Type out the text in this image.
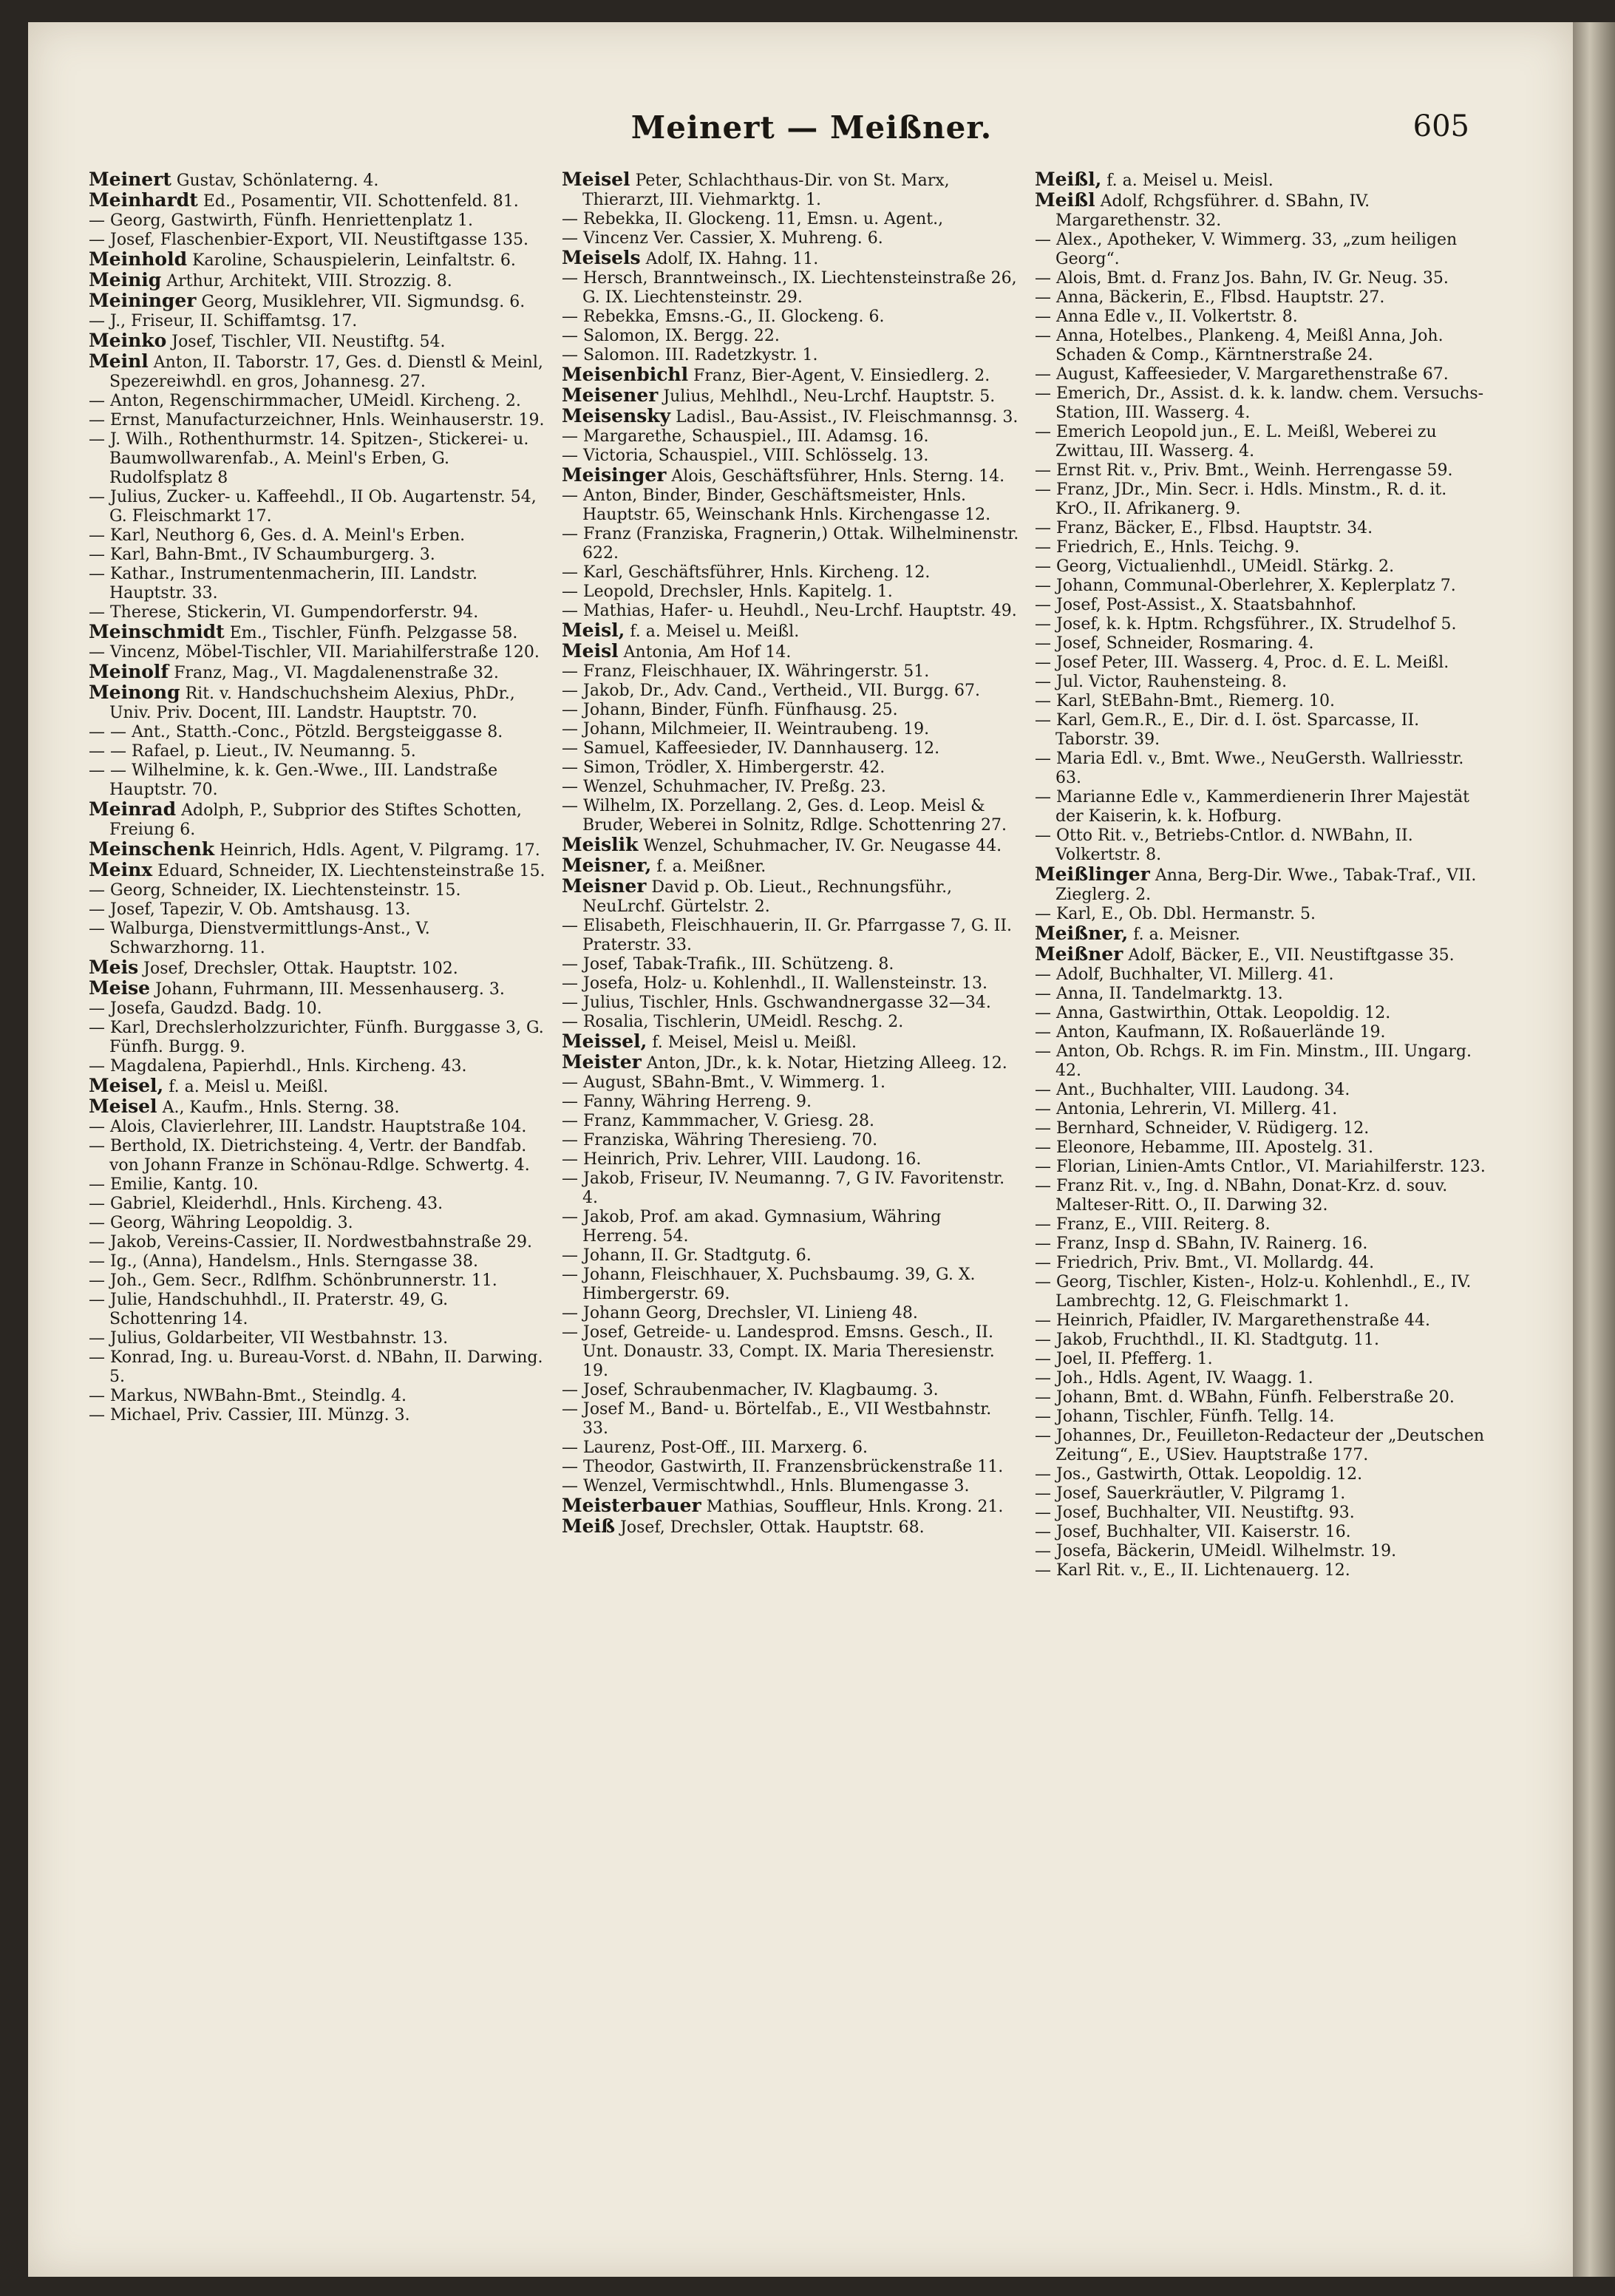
Meinert — Meißner.	605

Meinert Gustav, Schönlaterng. 4.

Meinhardt Ed., Posamentir, VII. Schottenfeld. 81.

— Georg, Gastwirth, Fünfh. Henriettenplatz 1.

— Josef, Flaschenbier-Export, VII. Neustiftgasse 135.

Meinhold Karoline, Schauspielerin, Leinfaltstr. 6.

Meinig Arthur, Architekt, VIII. Strozzig. 8.

Meininger Georg, Musiklehrer, VII. Sigmundsg. 6.

— J., Friseur, II. Schiffamtsg. 17.

Meinko Josef, Tischler, VII. Neustiftg. 54.

Meinl Anton, II. Taborstr. 17, Ges. d. Dienstl & Meinl, Spezereiwhdl. en gros, Johannesg. 27.

— Anton, Regenschirmmacher, UMeidl. Kircheng. 2.

— Ernst, Manufacturzeichner, Hnls. Weinhauserstr. 19.

— J. Wilh., Rothenthurmstr. 14. Spitzen-, Stickerei- u. Baumwollwarenfab., A. Meinl's Erben, G. Rudolfsplatz 8

— Julius, Zucker- u. Kaffeehdl., II Ob. Augartenstr. 54, G. Fleischmarkt 17.

— Karl, Neuthorg 6, Ges. d. A. Meinl's Erben.

— Karl, Bahn-Bmt., IV Schaumburgerg. 3.

— Kathar., Instrumentenmacherin, III. Landstr. Hauptstr. 33.

— Therese, Stickerin, VI. Gumpendorferstr. 94.

Meinschmidt Em., Tischler, Fünfh. Pelzgasse 58.

— Vincenz, Möbel-Tischler, VII. Mariahilferstraße 120.

Meinolf Franz, Mag., VI. Magdalenenstraße 32.

Meinong Rit. v. Handschuchsheim Alexius, PhDr., Univ. Priv. Docent, III. Landstr. Hauptstr. 70.

— — Ant., Statth.-Conc., Pötzld. Bergsteiggasse 8.

— — Rafael, p. Lieut., IV. Neumanng. 5.

— — Wilhelmine, k. k. Gen.-Wwe., III. Landstraße Hauptstr. 70.

Meinrad Adolph, P., Subprior des Stiftes Schotten, Freiung 6.

Meinschenk Heinrich, Hdls. Agent, V. Pilgramg. 17.

Meinx Eduard, Schneider, IX. Liechtensteinstraße 15.

— Georg, Schneider, IX. Liechtensteinstr. 15.

— Josef, Tapezir, V. Ob. Amtshausg. 13.

— Walburga, Dienstvermittlungs-Anst., V. Schwarzhorng. 11.

Meis Josef, Drechsler, Ottak. Hauptstr. 102.

Meise Johann, Fuhrmann, III. Messenhauserg. 3.

— Josefa, Gaudzd. Badg. 10.

— Karl, Drechslerholzzurichter, Fünfh. Burggasse 3, G. Fünfh. Burgg. 9.

— Magdalena, Papierhdl., Hnls. Kircheng. 43.

Meisel, f. a. Meisl u. Meißl.

Meisel A., Kaufm., Hnls. Sterng. 38.

— Alois, Clavierlehrer, III. Landstr. Hauptstraße 104.

— Berthold, IX. Dietrichsteing. 4, Vertr. der Bandfab. von Johann Franze in Schönau-Rdlge. Schwertg. 4.

— Emilie, Kantg. 10.

— Gabriel, Kleiderhdl., Hnls. Kircheng. 43.

— Georg, Währing Leopoldig. 3.

— Jakob, Vereins-Cassier, II. Nordwestbahnstraße 29.

— Ig., (Anna), Handelsm., Hnls. Sterngasse 38.

— Joh., Gem. Secr., Rdlfhm. Schönbrunnerstr. 11.

— Julie, Handschuhhdl., II. Praterstr. 49, G. Schottenring 14.

— Julius, Goldarbeiter, VII Westbahnstr. 13.

— Konrad, Ing. u. Bureau-Vorst. d. NBahn, II. Darwing. 5.

— Markus, NWBahn-Bmt., Steindlg. 4.

— Michael, Priv. Cassier, III. Münzg. 3.

Meisel Peter, Schlachthaus-Dir. von St. Marx, Thierarzt, III. Viehmarktg. 1.

— Rebekka, II. Glockeng. 11, Emsn. u. Agent.,

— Vincenz Ver. Cassier, X. Muhreng. 6.

Meisels Adolf, IX. Hahng. 11.

— Hersch, Branntweinsch., IX. Liechtensteinstraße 26, G. IX. Liechtensteinstr. 29.

— Rebekka, Emsns.-G., II. Glockeng. 6.

— Salomon, IX. Bergg. 22.

— Salomon. III. Radetzkystr. 1.

Meisenbichl Franz, Bier-Agent, V. Einsiedlerg. 2.

Meisener Julius, Mehlhdl., Neu-Lrchf. Hauptstr. 5.

Meisensky Ladisl., Bau-Assist., IV. Fleischmannsg. 3.

— Margarethe, Schauspiel., III. Adamsg. 16.

— Victoria, Schauspiel., VIII. Schlösselg. 13.

Meisinger Alois, Geschäftsführer, Hnls. Sterng. 14.

— Anton, Binder, Binder, Geschäftsmeister, Hnls. Hauptstr. 65, Weinschank Hnls. Kirchengasse 12.

— Franz (Franziska, Fragnerin,) Ottak. Wilhelminenstr. 622.

— Karl, Geschäftsführer, Hnls. Kircheng. 12.

— Leopold, Drechsler, Hnls. Kapitelg. 1.

— Mathias, Hafer- u. Heuhdl., Neu-Lrchf. Hauptstr. 49.

Meisl, f. a. Meisel u. Meißl.

Meisl Antonia, Am Hof 14.

— Franz, Fleischhauer, IX. Währingerstr. 51.

— Jakob, Dr., Adv. Cand., Vertheid., VII. Burgg. 67.

— Johann, Binder, Fünfh. Fünfhausg. 25.

— Johann, Milchmeier, II. Weintraubeng. 19.

— Samuel, Kaffeesieder, IV. Dannhauserg. 12.

— Simon, Trödler, X. Himbergerstr. 42.

— Wenzel, Schuhmacher, IV. Preßg. 23.

— Wilhelm, IX. Porzellang. 2, Ges. d. Leop. Meisl & Bruder, Weberei in Solnitz, Rdlge. Schottenring 27.

Meislik Wenzel, Schuhmacher, IV. Gr. Neugasse 44.

Meisner, f. a. Meißner.

Meisner David p. Ob. Lieut., Rechnungsführ., NeuLrchf. Gürtelstr. 2.

— Elisabeth, Fleischhauerin, II. Gr. Pfarrgasse 7, G. II. Praterstr. 33.

— Josef, Tabak-Trafik., III. Schützeng. 8.

— Josefa, Holz- u. Kohlenhdl., II. Wallensteinstr. 13.

— Julius, Tischler, Hnls. Gschwandnergasse 32—34.

— Rosalia, Tischlerin, UMeidl. Reschg. 2.

Meissel, f. Meisel, Meisl u. Meißl.

Meister Anton, JDr., k. k. Notar, Hietzing Alleeg. 12.

— August, SBahn-Bmt., V. Wimmerg. 1.

— Fanny, Währing Herreng. 9.

— Franz, Kammmacher, V. Griesg. 28.

— Franziska, Währing Theresieng. 70.

— Heinrich, Priv. Lehrer, VIII. Laudong. 16.

— Jakob, Friseur, IV. Neumanng. 7, G IV. Favoritenstr. 4.

— Jakob, Prof. am akad. Gymnasium, Währing Herreng. 54.

— Johann, II. Gr. Stadtgutg. 6.

— Johann, Fleischhauer, X. Puchsbaumg. 39, G. X. Himbergerstr. 69.

— Johann Georg, Drechsler, VI. Linieng 48.

— Josef, Getreide- u. Landesprod. Emsns. Gesch., II. Unt. Donaustr. 33, Compt. IX. Maria Theresienstr. 19.

— Josef, Schraubenmacher, IV. Klagbaumg. 3.

— Josef M., Band- u. Börtelfab., E., VII Westbahnstr. 33.

— Laurenz, Post-Off., III. Marxerg. 6.

— Theodor, Gastwirth, II. Franzensbrückenstraße 11.

— Wenzel, Vermischtwhdl., Hnls. Blumengasse 3.

Meisterbauer Mathias, Souffleur, Hnls. Krong. 21.

Meiß Josef, Drechsler, Ottak. Hauptstr. 68.

Meißl, f. a. Meisel u. Meisl.

Meißl Adolf, Rchgsführer. d. SBahn, IV. Margarethenstr. 32.

— Alex., Apotheker, V. Wimmerg. 33, „zum heiligen Georg“.

— Alois, Bmt. d. Franz Jos. Bahn, IV. Gr. Neug. 35.

— Anna, Bäckerin, E., Flbsd. Hauptstr. 27.

— Anna Edle v., II. Volkertstr. 8.

— Anna, Hotelbes., Plankeng. 4, Meißl Anna, Joh. Schaden & Comp., Kärntnerstraße 24.

— August, Kaffeesieder, V. Margarethenstraße 67.

— Emerich, Dr., Assist. d. k. k. landw. chem. Versuchs-Station, III. Wasserg. 4.

— Emerich Leopold jun., E. L. Meißl, Weberei zu Zwittau, III. Wasserg. 4.

— Ernst Rit. v., Priv. Bmt., Weinh. Herrengasse 59.

— Franz, JDr., Min. Secr. i. Hdls. Minstm., R. d. it. KrO., II. Afrikanerg. 9.

— Franz, Bäcker, E., Flbsd. Hauptstr. 34.

— Friedrich, E., Hnls. Teichg. 9.

— Georg, Victualienhdl., UMeidl. Stärkg. 2.

— Johann, Communal-Oberlehrer, X. Keplerplatz 7.

— Josef, Post-Assist., X. Staatsbahnhof.

— Josef, k. k. Hptm. Rchgsführer., IX. Strudelhof 5.

— Josef, Schneider, Rosmaring. 4.

— Josef Peter, III. Wasserg. 4, Proc. d. E. L. Meißl.

— Jul. Victor, Rauhensteing. 8.

— Karl, StEBahn-Bmt., Riemerg. 10.

— Karl, Gem.R., E., Dir. d. I. öst. Sparcasse, II. Taborstr. 39.

— Maria Edl. v., Bmt. Wwe., NeuGersth. Wallriesstr. 63.

— Marianne Edle v., Kammerdienerin Ihrer Majestät der Kaiserin, k. k. Hofburg.

— Otto Rit. v., Betriebs-Cntlor. d. NWBahn, II. Volkertstr. 8.

Meißlinger Anna, Berg-Dir. Wwe., Tabak-Traf., VII. Zieglerg. 2.

— Karl, E., Ob. Dbl. Hermanstr. 5.

Meißner, f. a. Meisner.

Meißner Adolf, Bäcker, E., VII. Neustiftgasse 35.

— Adolf, Buchhalter, VI. Millerg. 41.

— Anna, II. Tandelmarktg. 13.

— Anna, Gastwirthin, Ottak. Leopoldig. 12.

— Anton, Kaufmann, IX. Roßauerlände 19.

— Anton, Ob. Rchgs. R. im Fin. Minstm., III. Ungarg. 42.

— Ant., Buchhalter, VIII. Laudong. 34.

— Antonia, Lehrerin, VI. Millerg. 41.

— Bernhard, Schneider, V. Rüdigerg. 12.

— Eleonore, Hebamme, III. Apostelg. 31.

— Florian, Linien-Amts Cntlor., VI. Mariahilferstr. 123.

— Franz Rit. v., Ing. d. NBahn, Donat-Krz. d. souv. Malteser-Ritt. O., II. Darwing 32.

— Franz, E., VIII. Reiterg. 8.

— Franz, Insp d. SBahn, IV. Rainerg. 16.

— Friedrich, Priv. Bmt., VI. Mollardg. 44.

— Georg, Tischler, Kisten-, Holz-u. Kohlenhdl., E., IV. Lambrechtg. 12, G. Fleischmarkt 1.

— Heinrich, Pfaidler, IV. Margarethenstraße 44.

— Jakob, Fruchthdl., II. Kl. Stadtgutg. 11.

— Joel, II. Pfefferg. 1.

— Joh., Hdls. Agent, IV. Waagg. 1.

— Johann, Bmt. d. WBahn, Fünfh. Felberstraße 20.

— Johann, Tischler, Fünfh. Tellg. 14.

— Johannes, Dr., Feuilleton-Redacteur der „Deutschen Zeitung“, E., USiev. Hauptstraße 177.

— Jos., Gastwirth, Ottak. Leopoldig. 12.

— Josef, Sauerkräutler, V. Pilgramg 1.

— Josef, Buchhalter, VII. Neustiftg. 93.

— Josef, Buchhalter, VII. Kaiserstr. 16.

— Josefa, Bäckerin, UMeidl. Wilhelmstr. 19.

— Karl Rit. v., E., II. Lichtenauerg. 12.
